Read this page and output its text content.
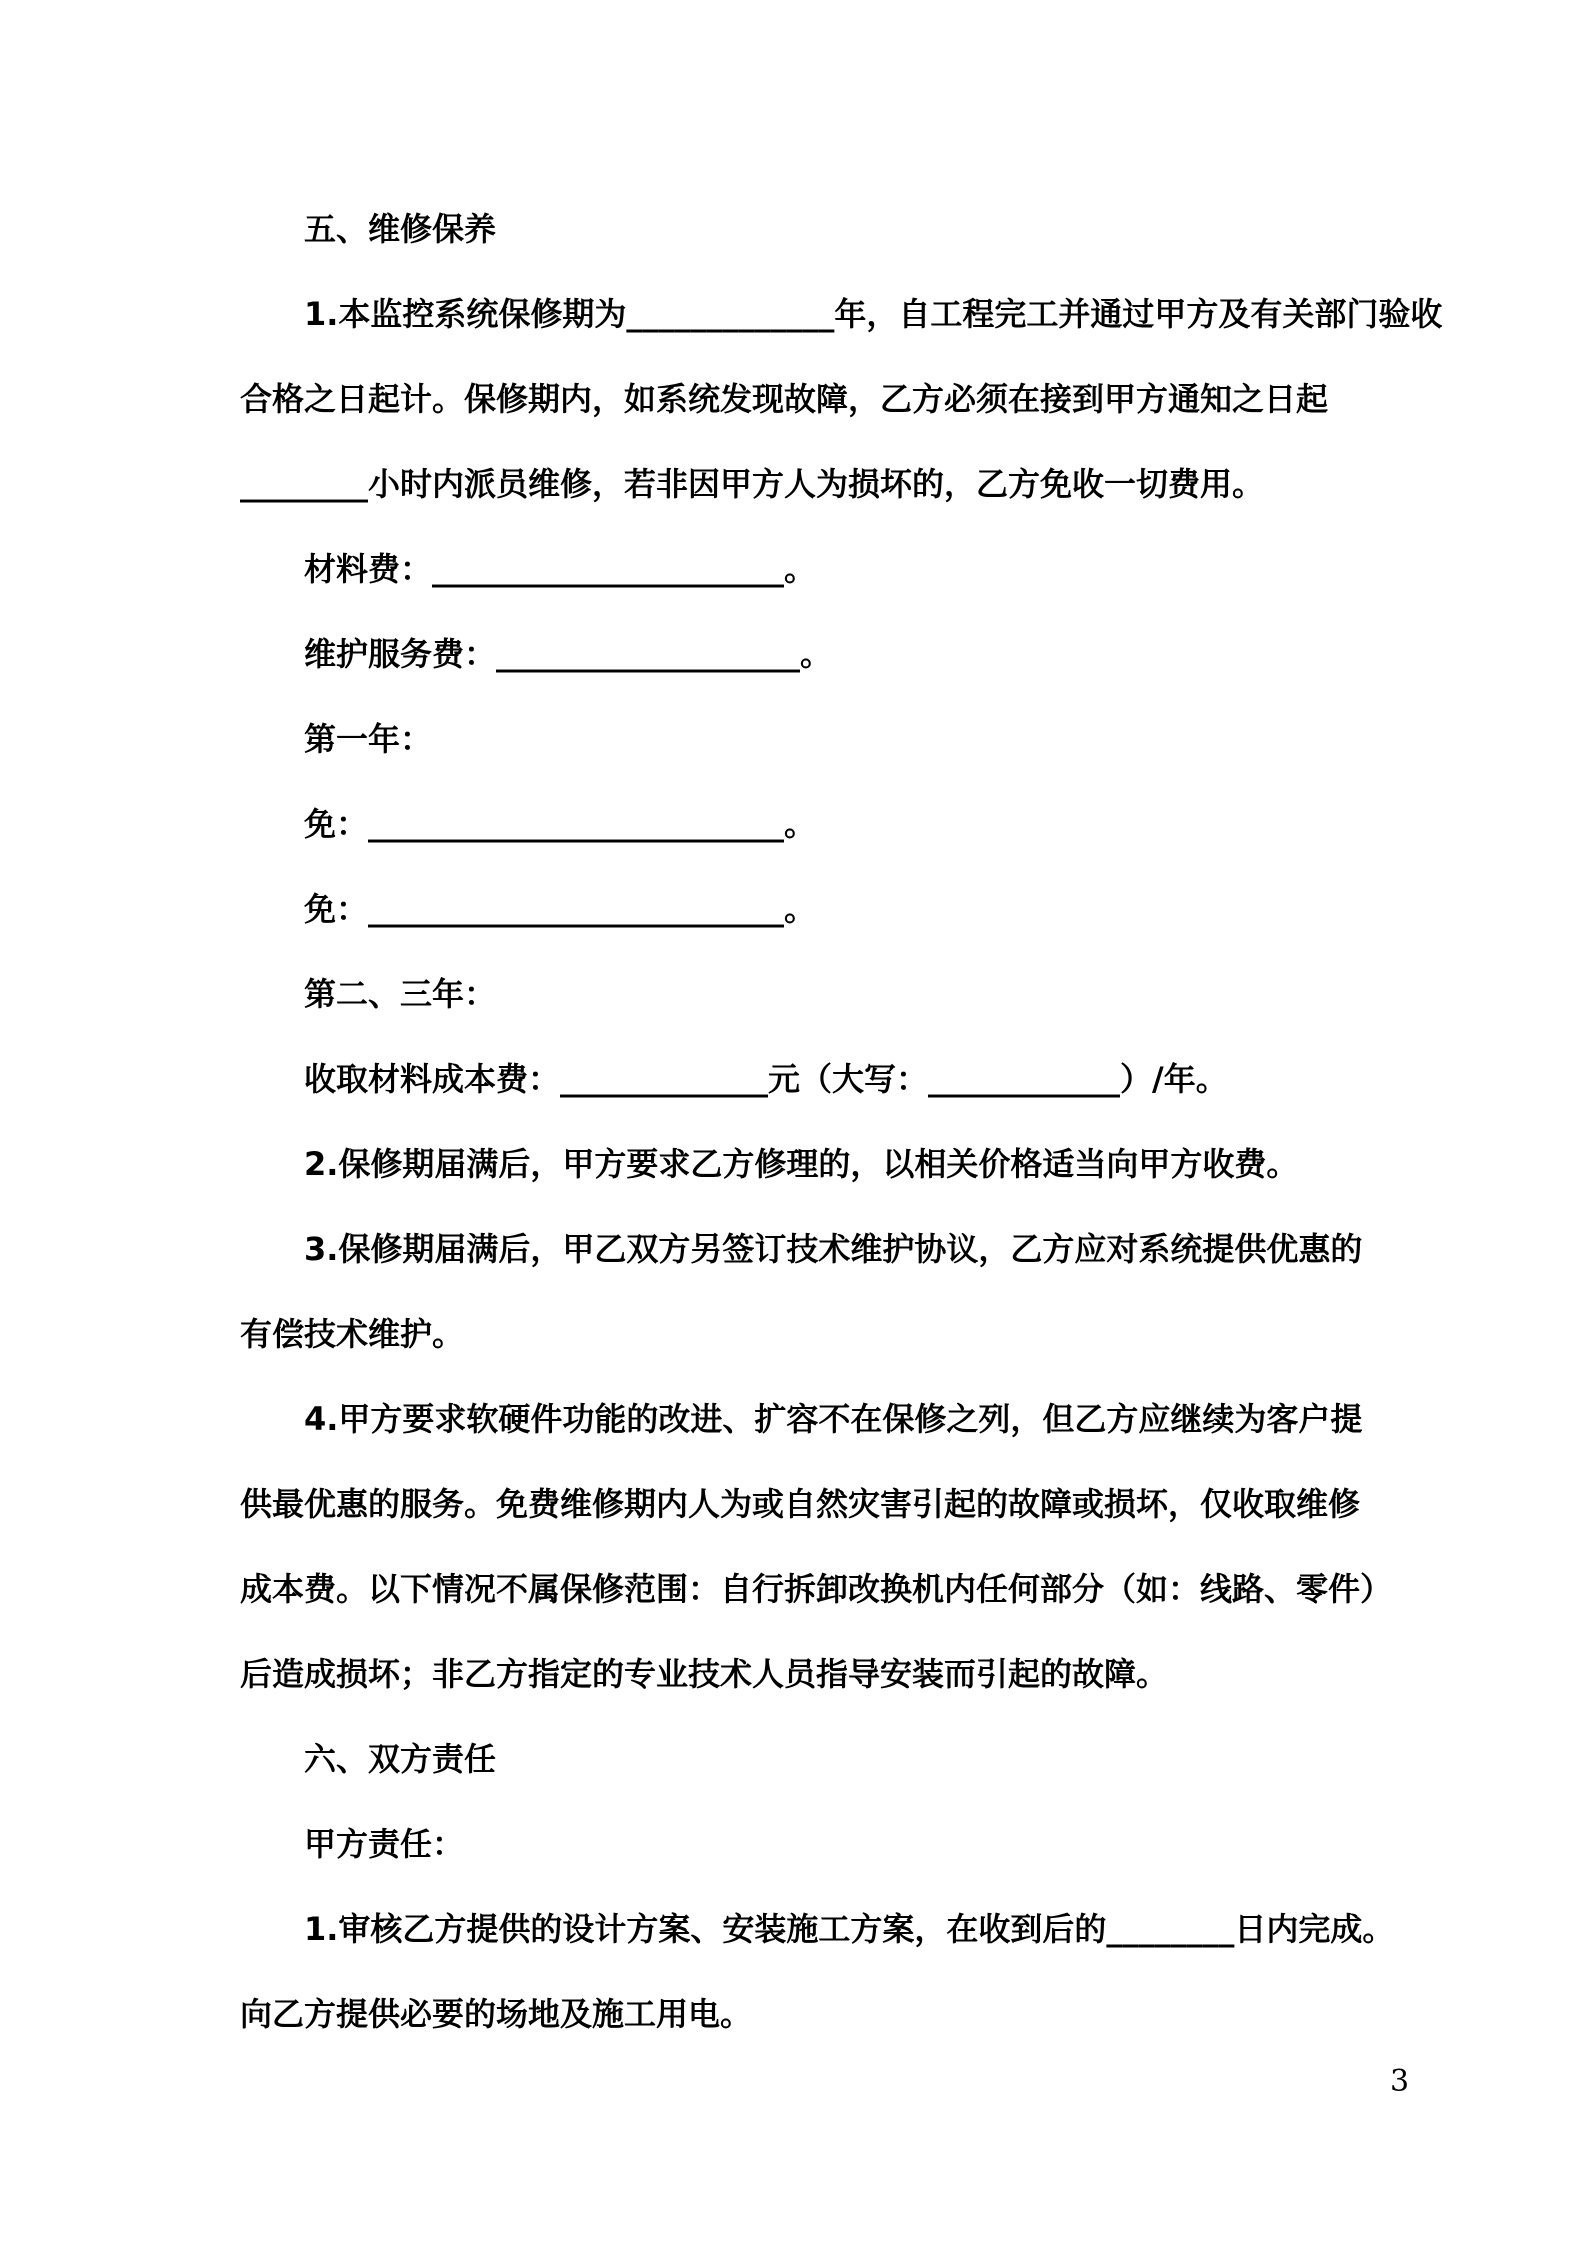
五、维修保养
1.本监控系统保修期为_____________年，自工程完工并通过甲方及有关部门验收
合格之日起计。保修期内，如系统发现故障，乙方必须在接到甲方通知之日起
________小时内派员维修，若非因甲方人为损坏的，乙方免收一切费用。
材料费：______________________。
维护服务费：___________________。
第一年：
免：__________________________。
免：__________________________。
第二、三年：
收取材料成本费：_____________元（大写：____________）/年。
2.保修期届满后，甲方要求乙方修理的，以相关价格适当向甲方收费。
3.保修期届满后，甲乙双方另签订技术维护协议，乙方应对系统提供优惠的
有偿技术维护。
4.甲方要求软硬件功能的改进、扩容不在保修之列，但乙方应继续为客户提
供最优惠的服务。免费维修期内人为或自然灾害引起的故障或损坏，仅收取维修
成本费。以下情况不属保修范围：自行拆卸改换机内任何部分（如：线路、零件）
后造成损坏；非乙方指定的专业技术人员指导安装而引起的故障。
六、双方责任
甲方责任：
1.审核乙方提供的设计方案、安装施工方案，在收到后的________日内完成。
向乙方提供必要的场地及施工用电。
3
